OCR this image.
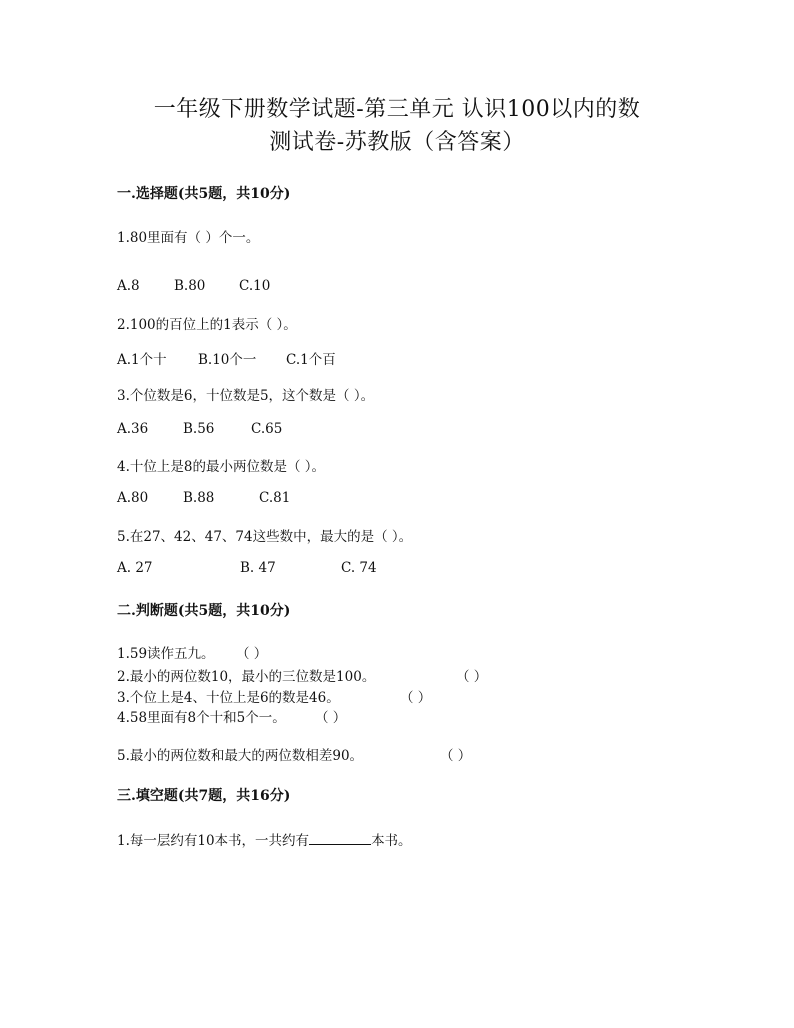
一年级下册数学试题-第三单元 认识100以内的数
测试卷-苏教版（含答案）
一.选择题(共5题，共10分)
1.80里面有（ ）个一。
A.8	B.80 C.10
2.100的百位上的1表示（ ）。
A.1个十 B.10个一 C.1个百
3.个位数是6，十位数是5，这个数是（ ）。
A.36	B.56	C.65
4.十位上是8的最小两位数是（ ）。
A.80	B.88	C.81
5.在27、42、47、74这些数中，最大的是（ ）。
A. 27	B. 47	C. 74
二.判断题(共5题，共10分)
1.59读作五九。 （ ）
2.最小的两位数10，最小的三位数是100。	（ ）
3.个位上是4、十位上是6的数是46。	（ ）
4.58里面有8个十和5个一。 （ ）
5.最小的两位数和最大的两位数相差90。	（ ）
三.填空题(共7题，共16分)
1.每一层约有10本书，一共约有	本书。
